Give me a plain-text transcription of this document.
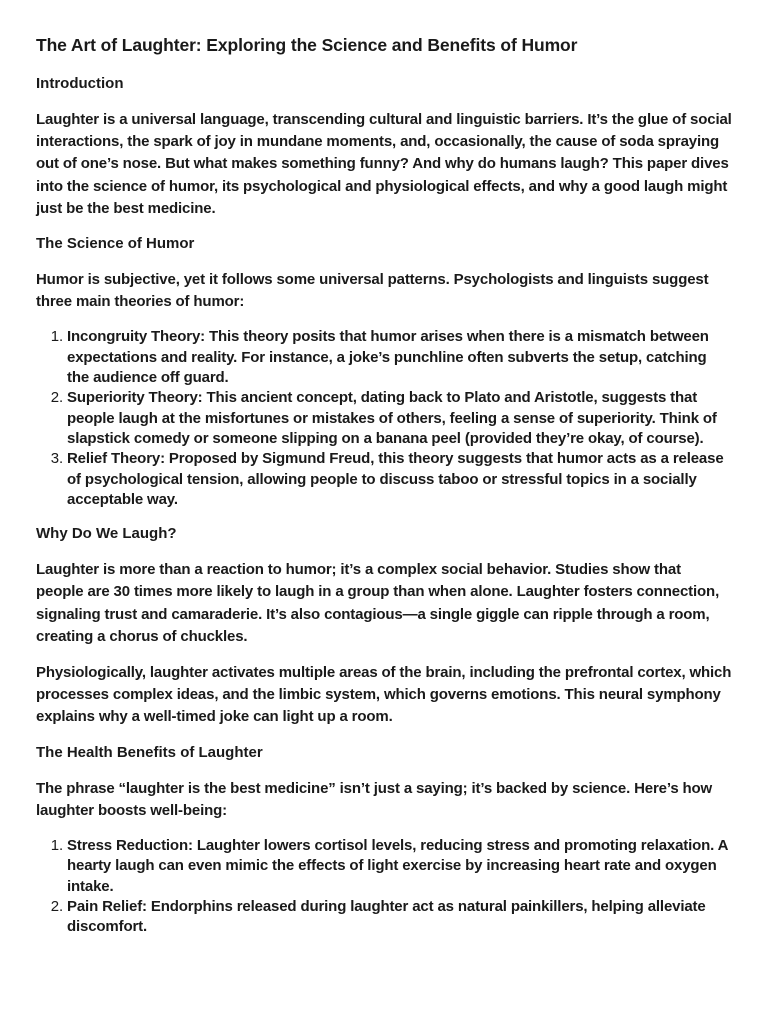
The Art of Laughter: Exploring the Science and Benefits of Humor
Introduction

Laughter is a universal language, transcending cultural and linguistic barriers. It’s the glue of social interactions, the spark of joy in mundane moments, and, occasionally, the cause of soda spraying out of one’s nose. But what makes something funny? And why do humans laugh? This paper dives into the science of humor, its psychological and physiological effects, and why a good laugh might just be the best medicine.

The Science of Humor

Humor is subjective, yet it follows some universal patterns. Psychologists and linguists suggest three main theories of humor:

1. Incongruity Theory: This theory posits that humor arises when there is a mismatch between expectations and reality. For instance, a joke’s punchline often subverts the setup, catching the audience off guard.
2. Superiority Theory: This ancient concept, dating back to Plato and Aristotle, suggests that people laugh at the misfortunes or mistakes of others, feeling a sense of superiority. Think of slapstick comedy or someone slipping on a banana peel (provided they’re okay, of course).
3. Relief Theory: Proposed by Sigmund Freud, this theory suggests that humor acts as a release of psychological tension, allowing people to discuss taboo or stressful topics in a socially acceptable way.
Why Do We Laugh?

Laughter is more than a reaction to humor; it’s a complex social behavior. Studies show that people are 30 times more likely to laugh in a group than when alone. Laughter fosters connection, signaling trust and camaraderie. It’s also contagious—a single giggle can ripple through a room, creating a chorus of chuckles.

Physiologically, laughter activates multiple areas of the brain, including the prefrontal cortex, which processes complex ideas, and the limbic system, which governs emotions. This neural symphony explains why a well-timed joke can light up a room.

The Health Benefits of Laughter

The phrase “laughter is the best medicine” isn’t just a saying; it’s backed by science. Here’s how laughter boosts well-being:

1. Stress Reduction: Laughter lowers cortisol levels, reducing stress and promoting relaxation. A hearty laugh can even mimic the effects of light exercise by increasing heart rate and oxygen intake.
2. Pain Relief: Endorphins released during laughter act as natural painkillers, helping alleviate discomfort.
